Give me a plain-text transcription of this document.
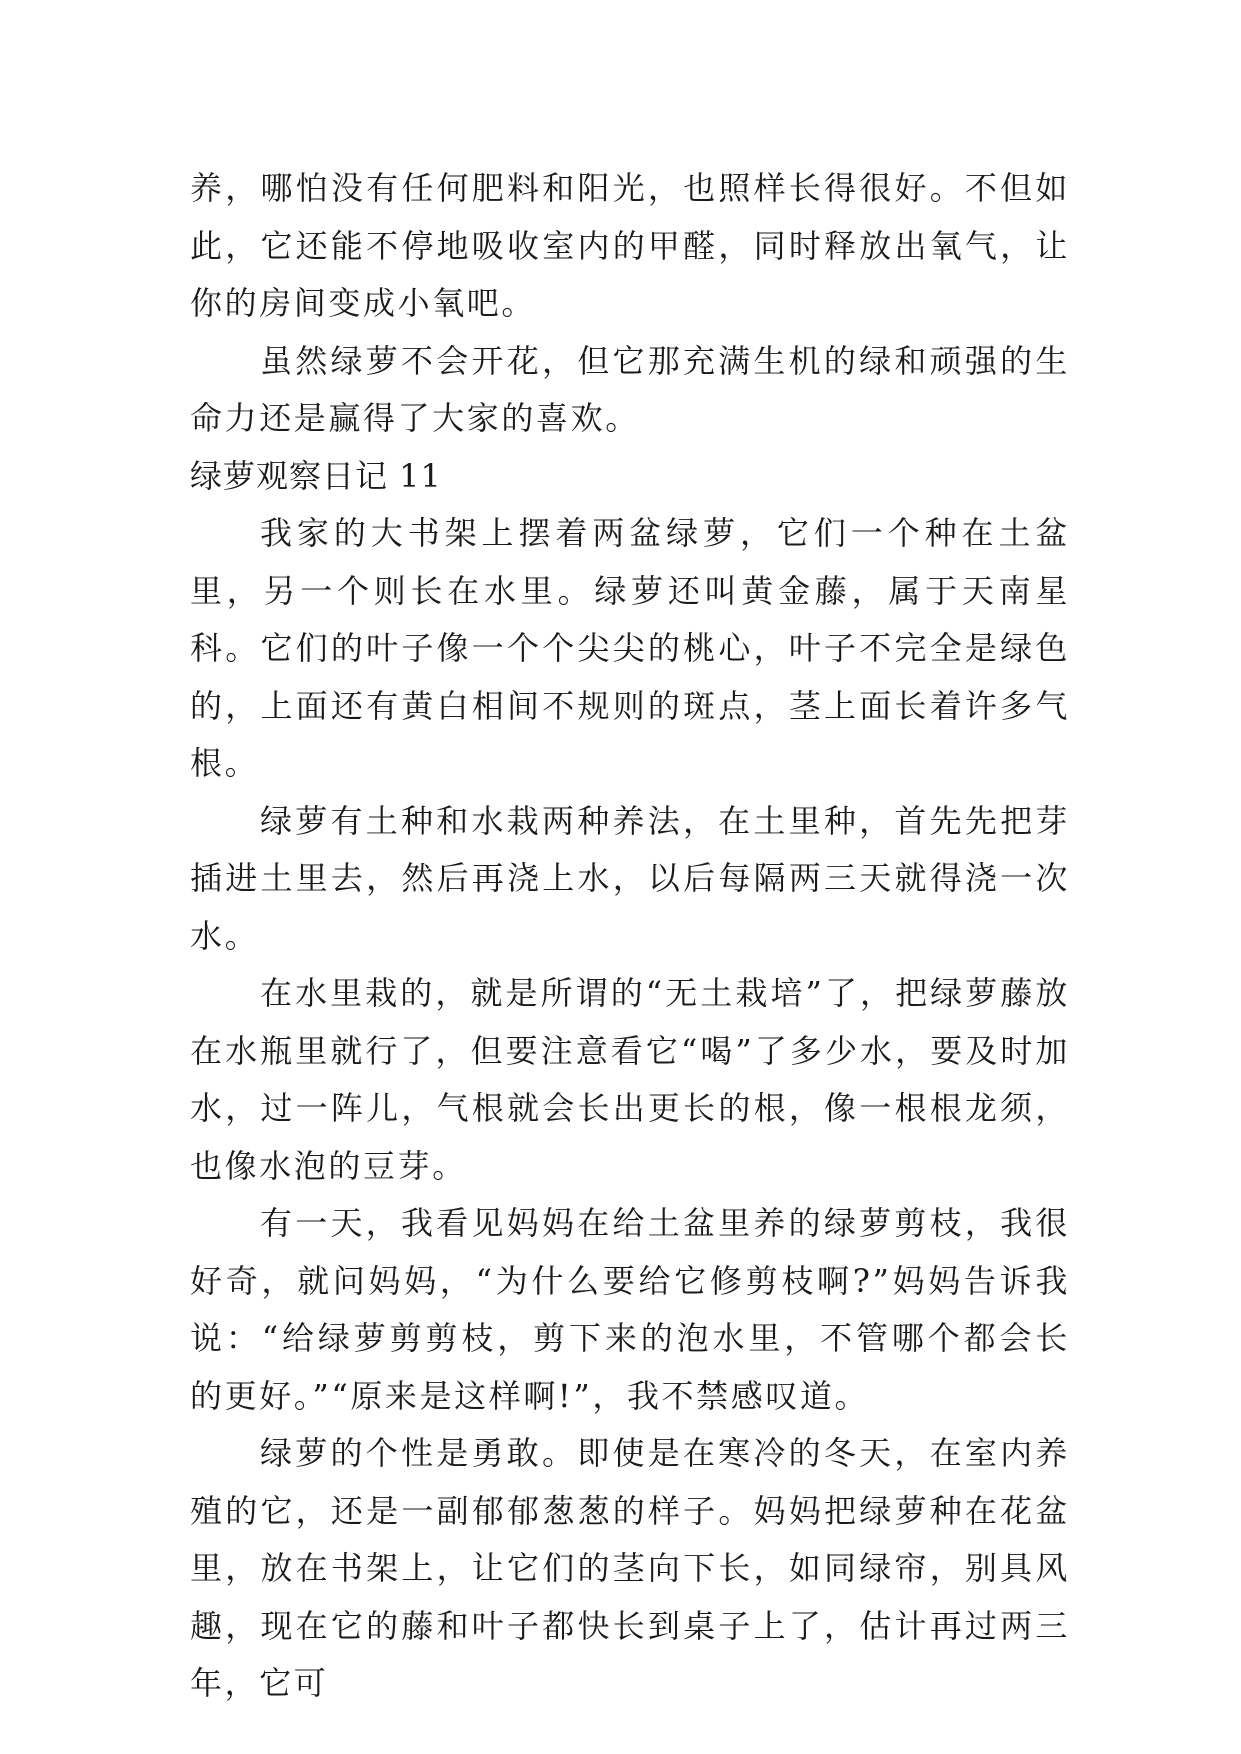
养，哪怕没有任何肥料和阳光，也照样长得很好。不但如此，它还能不停地吸收室内的甲醛，同时释放出氧气，让你的房间变成小氧吧。

虽然绿萝不会开花，但它那充满生机的绿和顽强的生命力还是赢得了大家的喜欢。

绿萝观察日记 11

我家的大书架上摆着两盆绿萝，它们一个种在土盆里，另一个则长在水里。绿萝还叫黄金藤，属于天南星科。它们的叶子像一个个尖尖的桃心，叶子不完全是绿色的，上面还有黄白相间不规则的斑点，茎上面长着许多气根。

绿萝有土种和水栽两种养法，在土里种，首先先把芽插进土里去，然后再浇上水，以后每隔两三天就得浇一次水。

在水里栽的，就是所谓的“无土栽培”了，把绿萝藤放在水瓶里就行了，但要注意看它“喝”了多少水，要及时加水，过一阵儿，气根就会长出更长的根，像一根根龙须，也像水泡的豆芽。

有一天，我看见妈妈在给土盆里养的绿萝剪枝，我很好奇，就问妈妈，“为什么要给它修剪枝啊?”妈妈告诉我说：“给绿萝剪剪枝，剪下来的泡水里，不管哪个都会长的更好。”“原来是这样啊!”，我不禁感叹道。

绿萝的个性是勇敢。即使是在寒冷的冬天，在室内养殖的它，还是一副郁郁葱葱的样子。妈妈把绿萝种在花盆里，放在书架上，让它们的茎向下长，如同绿帘，别具风趣，现在它的藤和叶子都快长到桌子上了，估计再过两三年，它可
